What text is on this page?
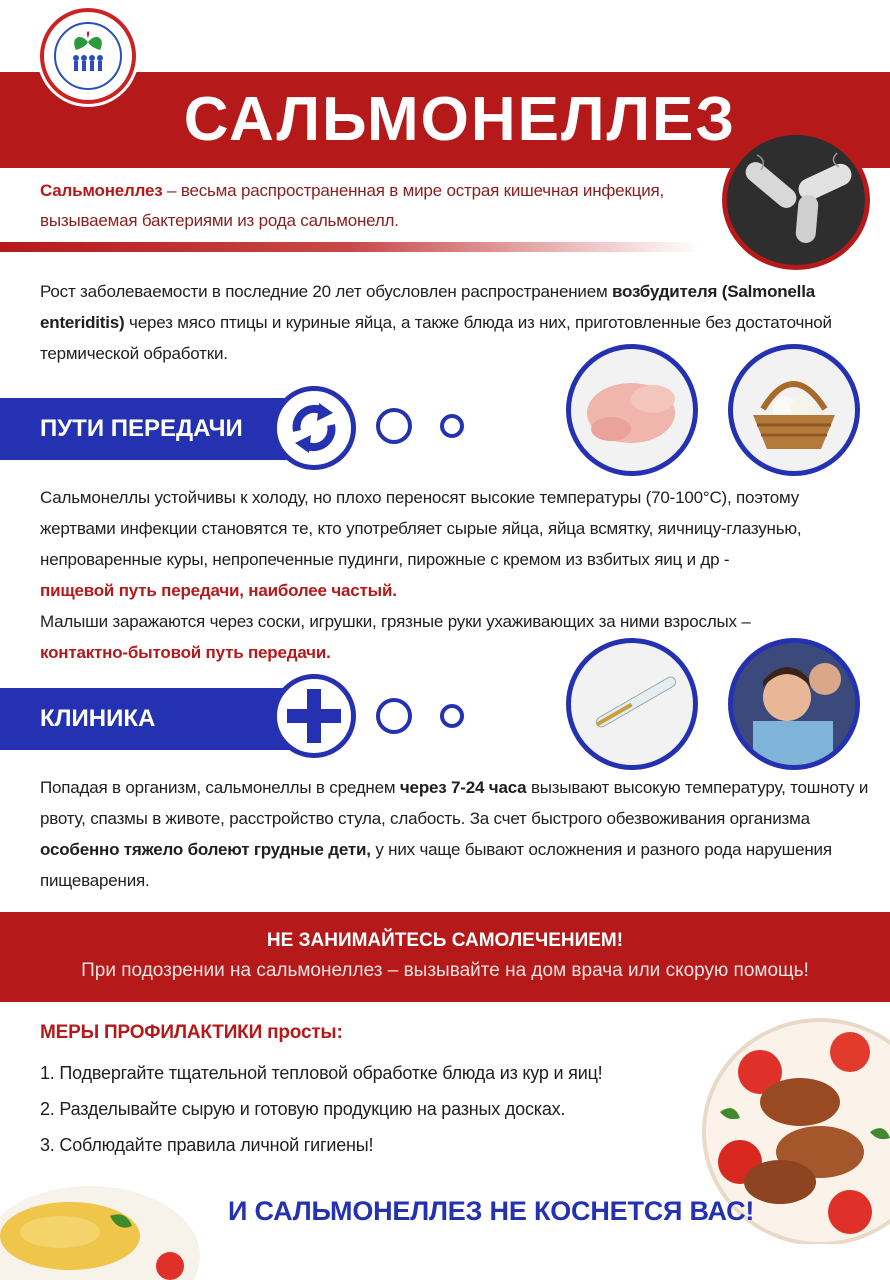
САЛЬМОНЕЛЛЕЗ
Сальмонеллез – весьма распространенная в мире острая кишечная инфекция, вызываемая бактериями из рода сальмонелл.
Рост заболеваемости в последние 20 лет обусловлен распространением возбудителя (Salmonella enteriditis) через мясо птицы и куриные яйца, а также блюда из них, приготовленные без достаточной термической обработки.
ПУТИ ПЕРЕДАЧИ
Сальмонеллы устойчивы к холоду, но плохо переносят высокие температуры (70-100°С), поэтому жертвами инфекции становятся те, кто употребляет сырые яйца, яйца всмятку, яичницу-глазунью, непроваренные куры, непропеченные пудинги, пирожные с кремом из взбитых яиц и др -
пищевой путь передачи, наиболее частый.
Малыши заражаются через соски, игрушки, грязные руки ухаживающих за ними взрослых –
контактно-бытовой путь передачи.
КЛИНИКА
Попадая в организм, сальмонеллы в среднем через 7-24 часа вызывают высокую температуру, тошноту и рвоту, спазмы в животе, расстройство стула, слабость. За счет быстрого обезвоживания организма особенно тяжело болеют грудные дети, у них чаще бывают осложнения и разного рода нарушения пищеварения.
НЕ ЗАНИМАЙТЕСЬ САМОЛЕЧЕНИЕМ!
При подозрении на сальмонеллез – вызывайте на дом врача или скорую помощь!
МЕРЫ ПРОФИЛАКТИКИ просты:
1. Подвергайте тщательной тепловой обработке блюда из кур и яиц!
2. Разделывайте сырую и готовую продукцию на разных досках.
3. Соблюдайте правила личной гигиены!
И САЛЬМОНЕЛЛЕЗ НЕ КОСНЕТСЯ ВАС!
